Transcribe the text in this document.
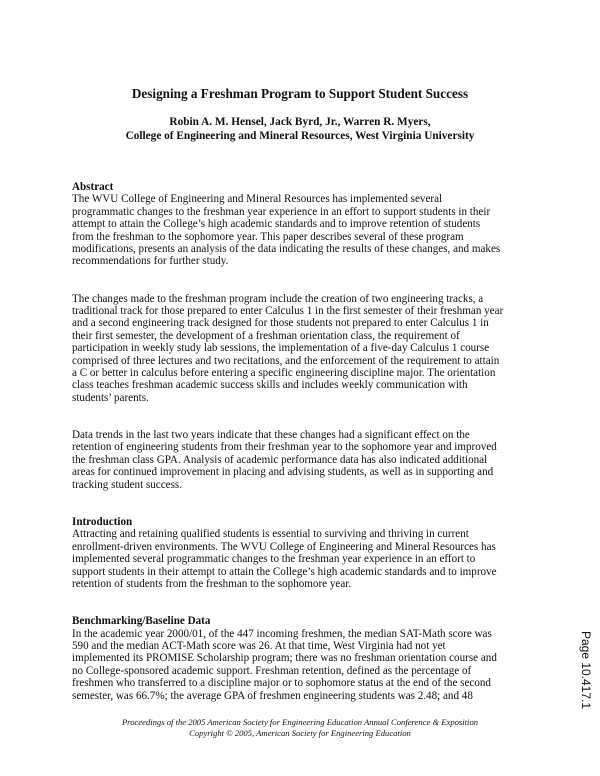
Designing a Freshman Program to Support Student Success
Robin A. M. Hensel, Jack Byrd, Jr., Warren R. Myers,
College of Engineering and Mineral Resources, West Virginia University
Abstract
The WVU College of Engineering and Mineral Resources has implemented several
programmatic changes to the freshman year experience in an effort to support students in their
attempt to attain the College’s high academic standards and to improve retention of students
from the freshman to the sophomore year. This paper describes several of these program
modifications, presents an analysis of the data indicating the results of these changes, and makes
recommendations for further study.
The changes made to the freshman program include the creation of two engineering tracks, a
traditional track for those prepared to enter Calculus 1 in the first semester of their freshman year
and a second engineering track designed for those students not prepared to enter Calculus 1 in
their first semester, the development of a freshman orientation class, the requirement of
participation in weekly study lab sessions, the implementation of a five-day Calculus 1 course
comprised of three lectures and two recitations, and the enforcement of the requirement to attain
a C or better in calculus before entering a specific engineering discipline major. The orientation
class teaches freshman academic success skills and includes weekly communication with
students’ parents.
Data trends in the last two years indicate that these changes had a significant effect on the
retention of engineering students from their freshman year to the sophomore year and improved
the freshman class GPA. Analysis of academic performance data has also indicated additional
areas for continued improvement in placing and advising students, as well as in supporting and
tracking student success.
Introduction
Attracting and retaining qualified students is essential to surviving and thriving in current
enrollment-driven environments. The WVU College of Engineering and Mineral Resources has
implemented several programmatic changes to the freshman year experience in an effort to
support students in their attempt to attain the College’s high academic standards and to improve
retention of students from the freshman to the sophomore year.
Benchmarking/Baseline Data
In the academic year 2000/01, of the 447 incoming freshmen, the median SAT-Math score was
590 and the median ACT-Math score was 26. At that time, West Virginia had not yet
implemented its PROMISE Scholarship program; there was no freshman orientation course and
no College-sponsored academic support. Freshman retention, defined as the percentage of
freshmen who transferred to a discipline major or to sophomore status at the end of the second
semester, was 66.7%; the average GPA of freshmen engineering students was 2.48; and 48
Proceedings of the 2005 American Society for Engineering Education Annual Conference & Exposition
Copyright © 2005, American Society for Engineering Education
Page 10.417.1
